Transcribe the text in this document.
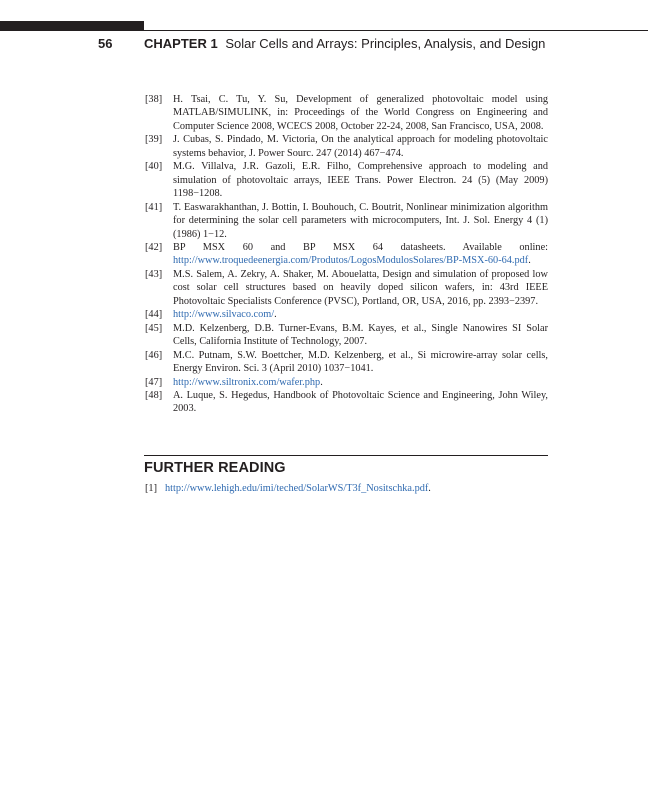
56 CHAPTER 1 Solar Cells and Arrays: Principles, Analysis, and Design
[38]	H. Tsai, C. Tu, Y. Su, Development of generalized photovoltaic model using MATLAB/SIMULINK, in: Proceedings of the World Congress on Engineering and Computer Science 2008, WCECS 2008, October 22-24, 2008, San Francisco, USA, 2008.
[39]	J. Cubas, S. Pindado, M. Victoria, On the analytical approach for modeling photovoltaic systems behavior, J. Power Sourc. 247 (2014) 467−474.
[40]	M.G. Villalva, J.R. Gazoli, E.R. Filho, Comprehensive approach to modeling and simulation of photovoltaic arrays, IEEE Trans. Power Electron. 24 (5) (May 2009) 1198−1208.
[41]	T. Easwarakhanthan, J. Bottin, I. Bouhouch, C. Boutrit, Nonlinear minimization algorithm for determining the solar cell parameters with microcomputers, Int. J. Sol. Energy 4 (1) (1986) 1−12.
[42]	BP MSX 60 and BP MSX 64 datasheets. Available online: http://www.troquedeenergia.com/Produtos/LogosModulosSolares/BP-MSX-60-64.pdf.
[43]	M.S. Salem, A. Zekry, A. Shaker, M. Abouelatta, Design and simulation of proposed low cost solar cell structures based on heavily doped silicon wafers, in: 43rd IEEE Photovoltaic Specialists Conference (PVSC), Portland, OR, USA, 2016, pp. 2393−2397.
[44]	http://www.silvaco.com/.
[45]	M.D. Kelzenberg, D.B. Turner-Evans, B.M. Kayes, et al., Single Nanowires SI Solar Cells, California Institute of Technology, 2007.
[46]	M.C. Putnam, S.W. Boettcher, M.D. Kelzenberg, et al., Si microwire-array solar cells, Energy Environ. Sci. 3 (April 2010) 1037−1041.
[47]	http://www.siltronix.com/wafer.php.
[48]	A. Luque, S. Hegedus, Handbook of Photovoltaic Science and Engineering, John Wiley, 2003.
FURTHER READING
[1] http://www.lehigh.edu/imi/teched/SolarWS/T3f_Nositschka.pdf.
